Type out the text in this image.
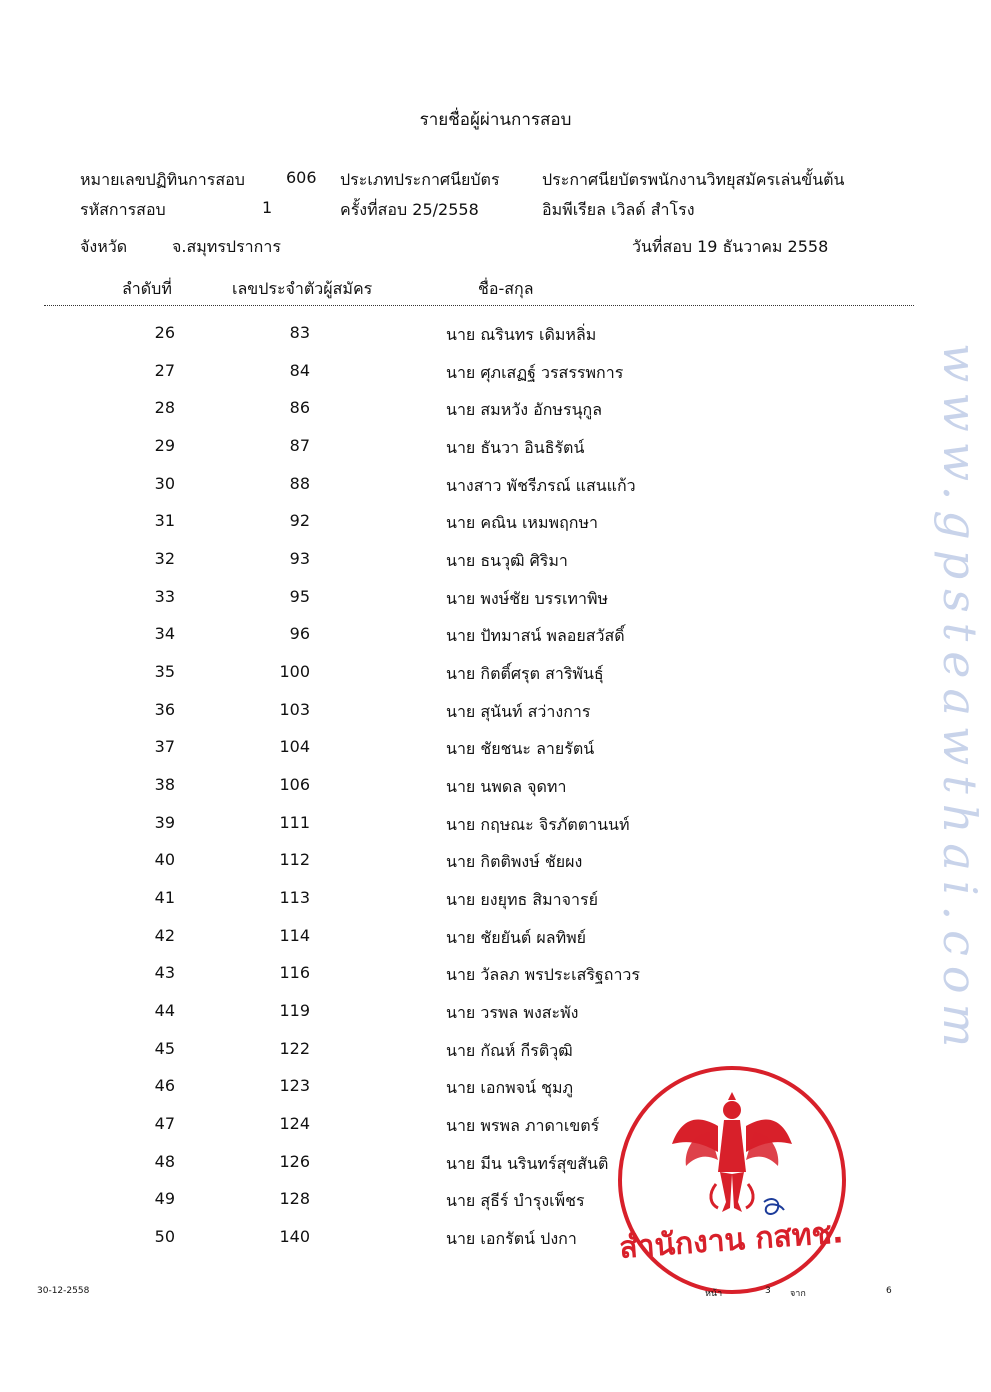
รายชื่อผู้ผ่านการสอบ
หมายเลขปฏิทินการสอบ	606 ประเภทประกาศนียบัตร	ประกาศนียบัตรพนักงานวิทยุสมัครเล่นขั้นต้น
รหัสการสอบ	1	ครั้งที่สอบ 25/2558	อิมพีเรียล เวิลด์ สำโรง
จังหวัด	จ.สมุทรปราการ	วันที่สอบ 19 ธันวาคม 2558
ลำดับที่	เลขประจำตัวผู้สมัคร	ชื่อ-สกุล
26	83	นาย ณรินทร เดิมหลิ่ม
27	84	นาย ศุภเสฏฐ์ วรสรรพการ
28	86	นาย สมหวัง อักษรนุกูล
29	87	นาย ธันวา อินธิรัตน์
30	88	นางสาว พัชรีภรณ์ แสนแก้ว
31	92	นาย คณิน เหมพฤกษา
32	93	นาย ธนวุฒิ ศิริมา
33	95	นาย พงษ์ชัย บรรเทาพิษ
34	96	นาย ปัทมาสน์ พลอยสวัสดิ์
35	100	นาย กิตติ์ศรุต สาริพันธุ์
36	103	นาย สุนันท์ สว่างการ
37	104	นาย ชัยชนะ ลายรัตน์
38	106	นาย นพดล จุดทา
39	111	นาย กฤษณะ จิรภัตตานนท์
40	112	นาย กิตติพงษ์ ชัยผง
41	113	นาย ยงยุทธ สิมาจารย์
42	114	นาย ชัยยันต์ ผลทิพย์
43	116	นาย วัลลภ พรประเสริฐถาวร
44	119	นาย วรพล พงสะพัง
45	122	นาย กัณห์ กีรติวุฒิ
46	123	นาย เอกพจน์ ชุมภู
47	124	นาย พรพล ภาดาเขตร์
48	126	นาย มีน นรินทร์สุขสันติ
49	128	นาย สุธีร์ บำรุงเพ็ชร
50	140	นาย เอกรัตน์ ปงกา สำนักงาน กสทช.
30-12-2558	หน้า	3 จาก	6
www.gpsteawthai.com
